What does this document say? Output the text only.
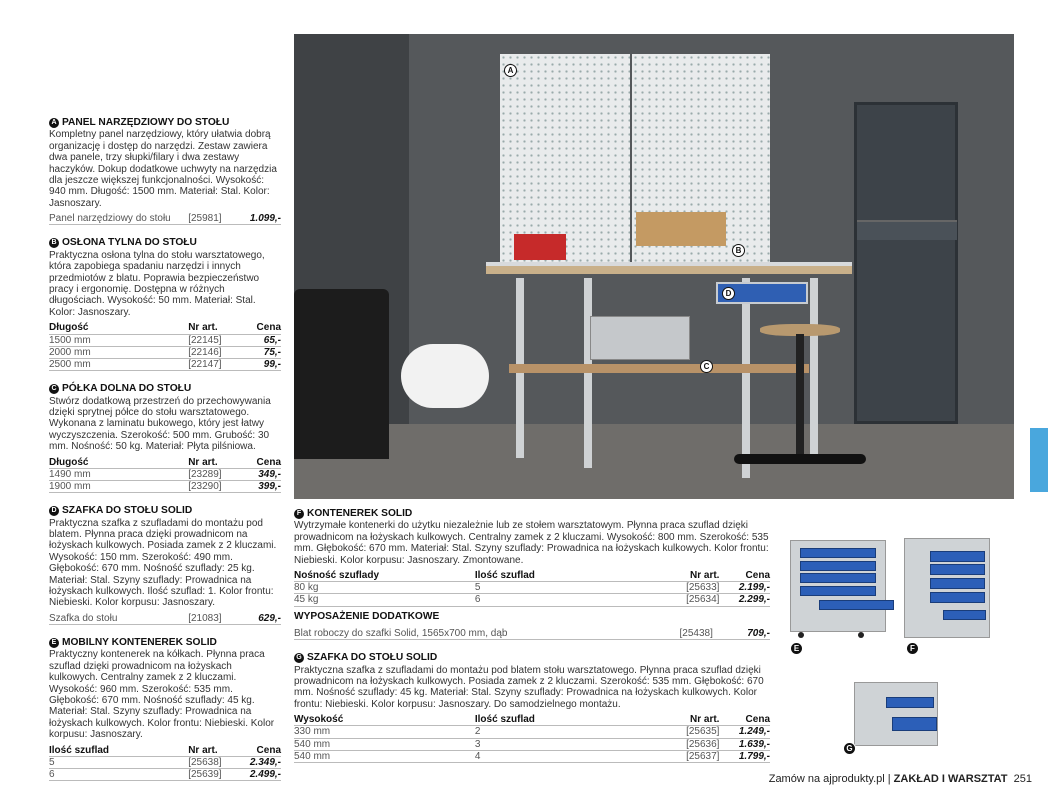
A PANEL NARZĘDZIOWY DO STOŁU
Kompletny panel narzędziowy, który ułatwia dobrą organizację i dostęp do narzędzi. Zestaw zawiera dwa panele, trzy słupki/filary i dwa zestawy haczyków. Dokup dodatkowe uchwyty na narzędzia dla jeszcze większej funkcjonalności. Wysokość: 940 mm. Długość: 1500 mm. Materiał: Stal. Kolor: Jasnoszary.
Panel narzędziowy do stołu	[25981]	1.099,-
B OSŁONA TYLNA DO STOŁU
Praktyczna osłona tylna do stołu warsztatowego, która zapobiega spadaniu narzędzi i innych przedmiotów z blatu. Poprawia bezpieczeństwo pracy i ergonomię. Dostępna w różnych długościach. Wysokość: 50 mm. Materiał: Stal. Kolor: Jasnoszary.
Długość	Nr art.	Cena
1500 mm	[22145]	65,-
2000 mm	[22146]	75,-
2500 mm	[22147]	99,-
C PÓŁKA DOLNA DO STOŁU
Stwórz dodatkową przestrzeń do przechowywania dzięki sprytnej półce do stołu warsztatowego. Wykonana z laminatu bukowego, który jest łatwy wyczyszczenia. Szerokość: 500 mm. Grubość: 30 mm. Nośność: 50 kg. Materiał: Płyta pilśniowa.
Długość	Nr art.	Cena
1490 mm	[23289]	349,-
1900 mm	[23290]	399,-
D SZAFKA DO STOŁU SOLID
Praktyczna szafka z szufladami do montażu pod blatem. Płynna praca dzięki prowadnicom na łożyskach kulkowych. Posiada zamek z 2 kluczami. Wysokość: 150 mm. Szerokość: 490 mm. Głębokość: 670 mm. Nośność szuflady: 25 kg. Materiał: Stal. Szyny szuflady: Prowadnica na łożyskach kulkowych. Ilość szuflad: 1. Kolor frontu: Niebieski. Kolor korpusu: Jasnoszary.
Szafka do stołu	[21083]	629,-
E MOBILNY KONTENEREK SOLID
Praktyczny kontenerek na kółkach. Płynna praca szuflad dzięki prowadnicom na łożyskach kulkowych. Centralny zamek z 2 kluczami. Wysokość: 960 mm. Szerokość: 535 mm. Głębokość: 670 mm. Nośność szuflady: 45 kg. Materiał: Stal. Szyny szuflady: Prowadnica na łożyskach kulkowych. Kolor frontu: Niebieski. Kolor korpusu: Jasnoszary.
Ilość szuflad	Nr art.	Cena
5	[25638]	2.349,-
6	[25639]	2.499,-
A
B
C
D
F KONTENEREK SOLID
Wytrzymałe kontenerki do użytku niezależnie lub ze stołem warsztatowym. Płynna praca szuflad dzięki prowadnicom na łożyskach kulkowych. Centralny zamek z 2 kluczami. Wysokość: 800 mm. Szerokość: 535 mm. Głębokość: 670 mm. Materiał: Stal. Szyny szuflady: Prowadnica na łożyskach kulkowych. Kolor frontu: Niebieski. Kolor korpusu: Jasnoszary. Zmontowane.
Nośność szuflady	Ilość szuflad	Nr art.	Cena
80 kg	5	[25633]	2.199,-
45 kg	6	[25634]	2.299,-
WYPOSAŻENIE DODATKOWE
Blat roboczy do szafki Solid, 1565x700 mm, dąb	[25438]	709,-
G SZAFKA DO STOŁU SOLID
Praktyczna szafka z szufladami do montażu pod blatem stołu warsztatowego. Płynna praca szuflad dzięki prowadnicom na łożyskach kulkowych. Posiada zamek z 2 kluczami. Szerokość: 535 mm. Głębokość: 670 mm. Nośność szuflady: 45 kg. Materiał: Stal. Szyny szuflady: Prowadnica na łożyskach kulkowych. Kolor frontu: Niebieski. Kolor korpusu: Jasnoszary. Do samodzielnego montażu.
Wysokość	Ilość szuflad	Nr art.	Cena
330 mm	2	[25635]	1.249,-
540 mm	3	[25636]	1.639,-
540 mm	4	[25637]	1.799,-
E	F
G
Zamów na ajprodukty.pl | ZAKŁAD I WARSZTAT 251
